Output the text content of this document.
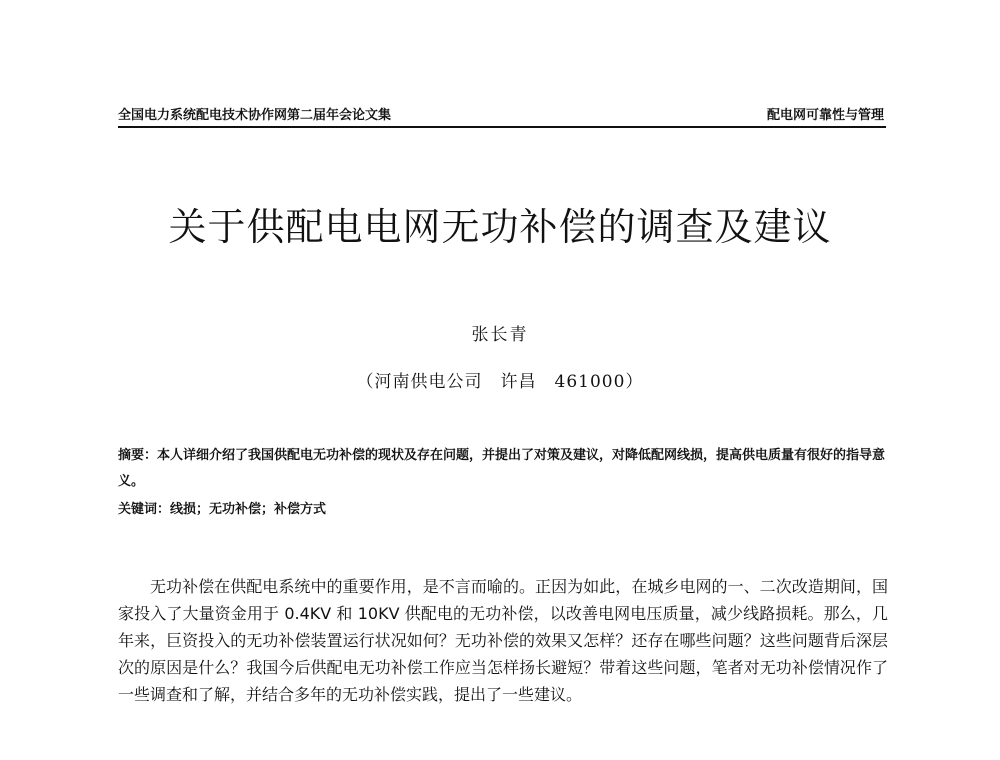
全国电力系统配电技术协作网第二届年会论文集	配电网可靠性与管理
关于供配电电网无功补偿的调查及建议
张长青
（河南供电公司　许昌　461000）
摘要：本人详细介绍了我国供配电无功补偿的现状及存在问题，并提出了对策及建议，对降低配网线损，提高供电质量有很好的指导意义。
关键词：线损；无功补偿；补偿方式

无功补偿在供配电系统中的重要作用，是不言而喻的。正因为如此，在城乡电网的一、二次改造期间，国家投入了大量资金用于 0.4KV 和 10KV 供配电的无功补偿，以改善电网电压质量，减少线路损耗。那么，几年来，巨资投入的无功补偿装置运行状况如何？无功补偿的效果又怎样？还存在哪些问题？这些问题背后深层次的原因是什么？我国今后供配电无功补偿工作应当怎样扬长避短？带着这些问题，笔者对无功补偿情况作了一些调查和了解，并结合多年的无功补偿实践，提出了一些建议。
